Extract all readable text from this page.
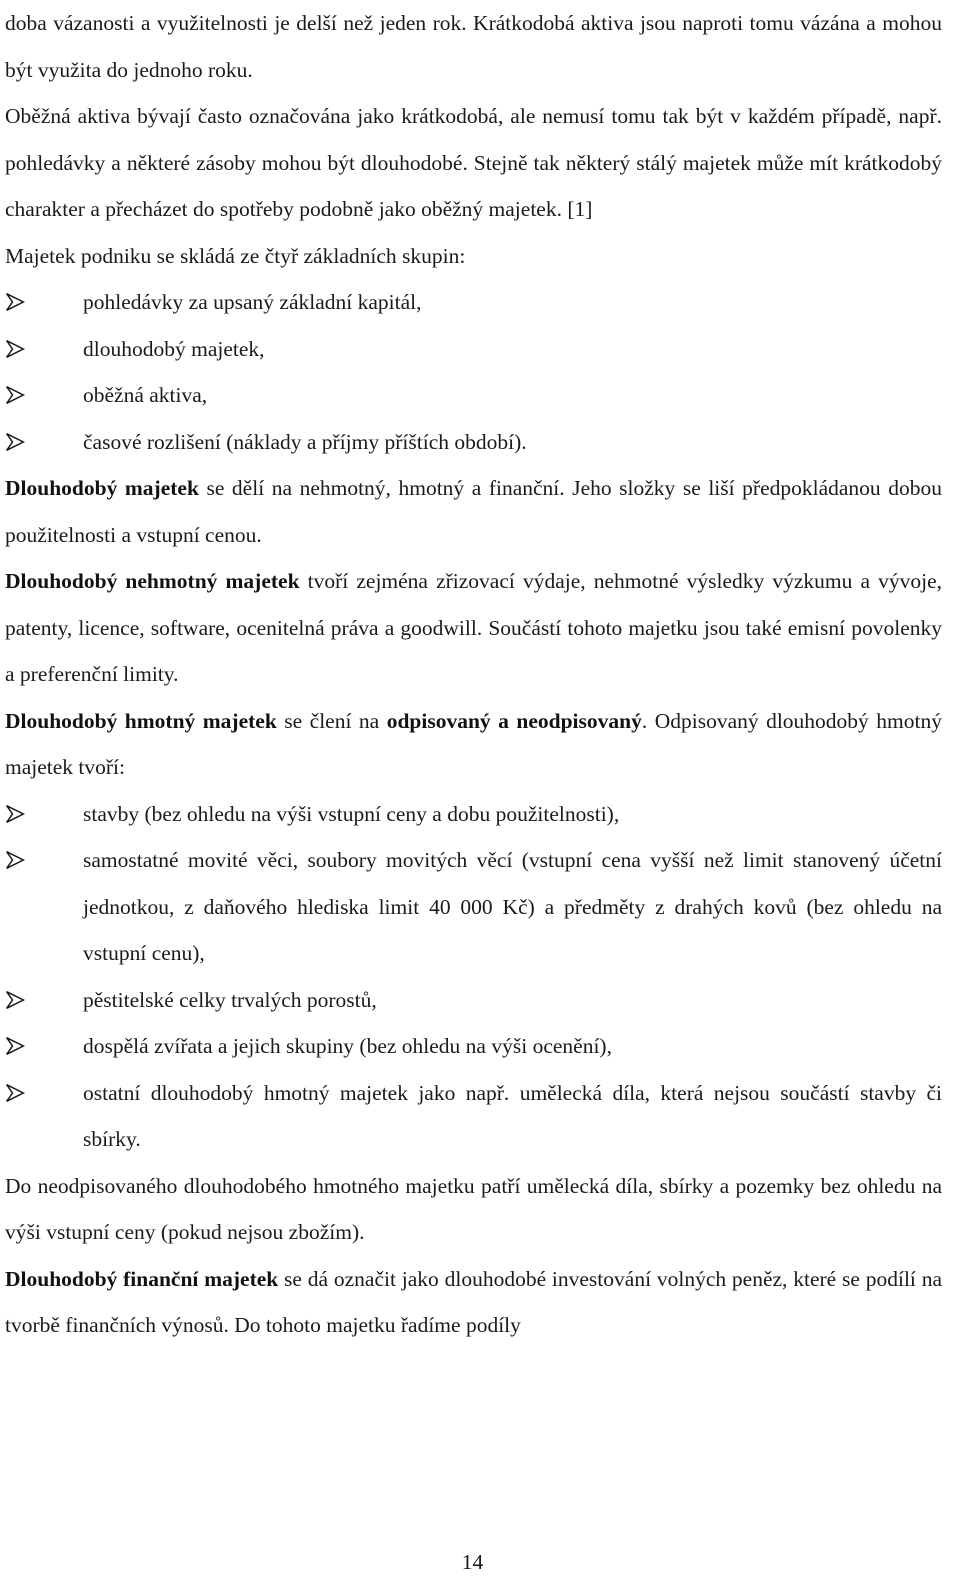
doba vázanosti a využitelnosti je delší než jeden rok. Krátkodobá aktiva jsou naproti tomu vázána a mohou být využita do jednoho roku.

Oběžná aktiva bývají často označována jako krátkodobá, ale nemusí tomu tak být v každém případě, např. pohledávky a některé zásoby mohou být dlouhodobé. Stejně tak některý stálý majetek může mít krátkodobý charakter a přecházet do spotřeby podobně jako oběžný majetek. [1]

Majetek podniku se skládá ze čtyř základních skupin:

pohledávky za upsaný základní kapitál,
dlouhodobý majetek,
oběžná aktiva,
časové rozlišení (náklady a příjmy příštích období).

Dlouhodobý majetek se dělí na nehmotný, hmotný a finanční. Jeho složky se liší předpokládanou dobou použitelnosti a vstupní cenou.

Dlouhodobý nehmotný majetek tvoří zejména zřizovací výdaje, nehmotné výsledky výzkumu a vývoje, patenty, licence, software, ocenitelná práva a goodwill. Součástí tohoto majetku jsou také emisní povolenky a preferenční limity.

Dlouhodobý hmotný majetek se člení na odpisovaný a neodpisovaný. Odpisovaný dlouhodobý hmotný majetek tvoří:

stavby (bez ohledu na výši vstupní ceny a dobu použitelnosti),
samostatné movité věci, soubory movitých věcí (vstupní cena vyšší než limit stanovený účetní jednotkou, z daňového hlediska limit 40 000 Kč) a předměty z drahých kovů (bez ohledu na vstupní cenu),
pěstitelské celky trvalých porostů,
dospělá zvířata a jejich skupiny (bez ohledu na výši ocenění),
ostatní dlouhodobý hmotný majetek jako např. umělecká díla, která nejsou součástí stavby či sbírky.

Do neodpisovaného dlouhodobého hmotného majetku patří umělecká díla, sbírky a pozemky bez ohledu na výši vstupní ceny (pokud nejsou zbožím).

Dlouhodobý finanční majetek se dá označit jako dlouhodobé investování volných peněz, které se podílí na tvorbě finančních výnosů. Do tohoto majetku řadíme podíly

14
